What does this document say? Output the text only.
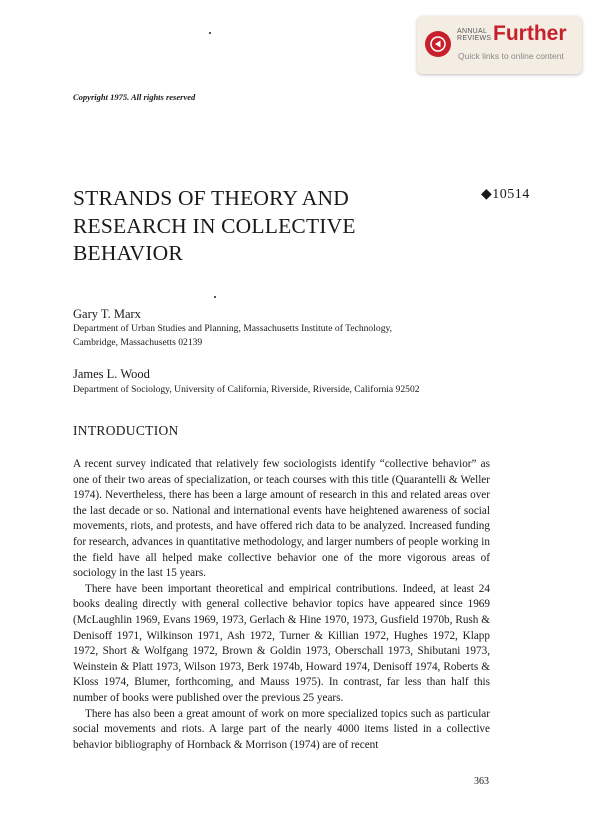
ANNUAL
REVIEWS Further
Quick links to online content
Copyright 1975. All rights reserved
STRANDS OF THEORY AND
RESEARCH IN COLLECTIVE
BEHAVIOR
◆10514
Gary T. Marx
Department of Urban Studies and Planning, Massachusetts Institute of Technology,
Cambridge, Massachusetts 02139
James L. Wood
Department of Sociology, University of California, Riverside, Riverside, California 92502
INTRODUCTION

A recent survey indicated that relatively few sociologists identify “collective behavior” as one of their two areas of specialization, or teach courses with this title (Quarantelli & Weller 1974). Nevertheless, there has been a large amount of research in this and related areas over the last decade or so. National and international events have heightened awareness of social movements, riots, and protests, and have offered rich data to be analyzed. Increased funding for research, advances in quantitative methodology, and larger numbers of people working in the field have all helped make collective behavior one of the more vigorous areas of sociology in the last 15 years.

There have been important theoretical and empirical contributions. Indeed, at least 24 books dealing directly with general collective behavior topics have appeared since 1969 (McLaughlin 1969, Evans 1969, 1973, Gerlach & Hine 1970, 1973, Gusfield 1970b, Rush & Denisoff 1971, Wilkinson 1971, Ash 1972, Turner & Killian 1972, Hughes 1972, Klapp 1972, Short & Wolfgang 1972, Brown & Goldin 1973, Oberschall 1973, Shibutani 1973, Weinstein & Platt 1973, Wilson 1973, Berk 1974b, Howard 1974, Denisoff 1974, Roberts & Kloss 1974, Blumer, forthcoming, and Mauss 1975). In contrast, far less than half this number of books were published over the previous 25 years.

There has also been a great amount of work on more specialized topics such as particular social movements and riots. A large part of the nearly 4000 items listed in a collective behavior bibliography of Hornback & Morrison (1974) are of recent

363
